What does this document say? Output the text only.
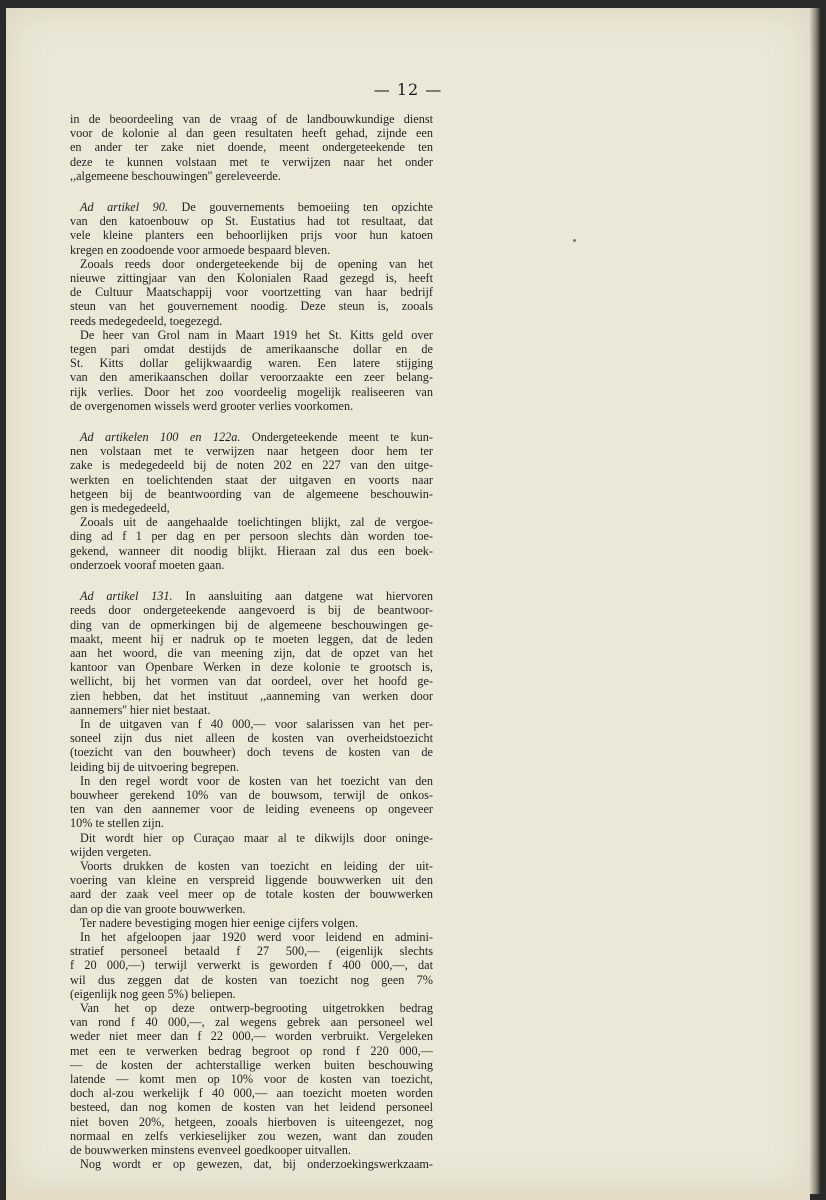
— 12 —
in de beoordeeling van de vraag of de landbouwkundige dienst
voor de kolonie al dan geen resultaten heeft gehad, zijnde een
en ander ter zake niet doende, meent ondergeteekende ten
deze te kunnen volstaan met te verwijzen naar het onder
,,algemeene beschouwingen'' gereleveerde.
Ad artikel 90. De gouvernements bemoeiing ten opzichte
van den katoenbouw op St. Eustatius had tot resultaat, dat
vele kleine planters een behoorlijken prijs voor hun katoen
kregen en zoodoende voor armoede bespaard bleven.
Zooals reeds door ondergeteekende bij de opening van het
nieuwe zittingjaar van den Kolonialen Raad gezegd is, heeft
de Cultuur Maatschappij voor voortzetting van haar bedrijf
steun van het gouvernement noodig. Deze steun is, zooals
reeds medegedeeld, toegezegd.
De heer van Grol nam in Maart 1919 het St. Kitts geld over
tegen pari omdat destijds de amerikaansche dollar en de
St. Kitts dollar gelijkwaardig waren. Een latere stijging
van den amerikaanschen dollar veroorzaakte een zeer belang-
rijk verlies. Door het zoo voordeelig mogelijk realiseeren van
de overgenomen wissels werd grooter verlies voorkomen.
Ad artikelen 100 en 122a. Ondergeteekende meent te kun-
nen volstaan met te verwijzen naar hetgeen door hem ter
zake is medegedeeld bij de noten 202 en 227 van den uitge-
werkten en toelichtenden staat der uitgaven en voorts naar
hetgeen bij de beantwoording van de algemeene beschouwin-
gen is medegedeeld,
Zooals uit de aangehaalde toelichtingen blijkt, zal de vergoe-
ding ad f 1 per dag en per persoon slechts dàn worden toe-
gekend, wanneer dit noodig blijkt. Hieraan zal dus een boek-
onderzoek vooraf moeten gaan.
Ad artikel 131. In aansluiting aan datgene wat hiervoren
reeds door ondergeteekende aangevoerd is bij de beantwoor-
ding van de opmerkingen bij de algemeene beschouwingen ge-
maakt, meent hij er nadruk op te moeten leggen, dat de leden
aan het woord, die van meening zijn, dat de opzet van het
kantoor van Openbare Werken in deze kolonie te grootsch is,
wellicht, bij het vormen van dat oordeel, over het hoofd ge-
zien hebben, dat het instituut ,,aanneming van werken door
aannemers'' hier niet bestaat.
In de uitgaven van f 40 000,— voor salarissen van het per-
soneel zijn dus niet alleen de kosten van overheidstoezicht
(toezicht van den bouwheer) doch tevens de kosten van de
leiding bij de uitvoering begrepen.
In den regel wordt voor de kosten van het toezicht van den
bouwheer gerekend 10% van de bouwsom, terwijl de onkos-
ten van den aannemer voor de leiding eveneens op ongeveer
10% te stellen zijn.
Dit wordt hier op Curaçao maar al te dikwijls door oninge-
wijden vergeten.
Voorts drukken de kosten van toezicht en leiding der uit-
voering van kleine en verspreid liggende bouwwerken uit den
aard der zaak veel meer op de totale kosten der bouwwerken
dan op die van groote bouwwerken.
Ter nadere bevestiging mogen hier eenige cijfers volgen.
In het afgeloopen jaar 1920 werd voor leidend en admini-
stratief personeel betaald f 27 500,— (eigenlijk slechts
f 20 000,—) terwijl verwerkt is geworden f 400 000,—, dat
wil dus zeggen dat de kosten van toezicht nog geen 7%
(eigenlijk nog geen 5%) beliepen.
Van het op deze ontwerp-begrooting uitgetrokken bedrag
van rond f 40 000,—, zal wegens gebrek aan personeel wel
weder niet meer dan f 22 000,— worden verbruikt. Vergeleken
met een te verwerken bedrag begroot op rond f 220 000,—
— de kosten der achterstallige werken buiten beschouwing
latende — komt men op 10% voor de kosten van toezicht,
doch al-zou werkelijk f 40 000,— aan toezicht moeten worden
besteed, dan nog komen de kosten van het leidend personeel
niet boven 20%, hetgeen, zooals hierboven is uiteengezet, nog
normaal en zelfs verkieselijker zou wezen, want dan zouden
de bouwwerken minstens evenveel goedkooper uitvallen.
Nog wordt er op gewezen, dat, bij onderzoekingswerkzaam-
